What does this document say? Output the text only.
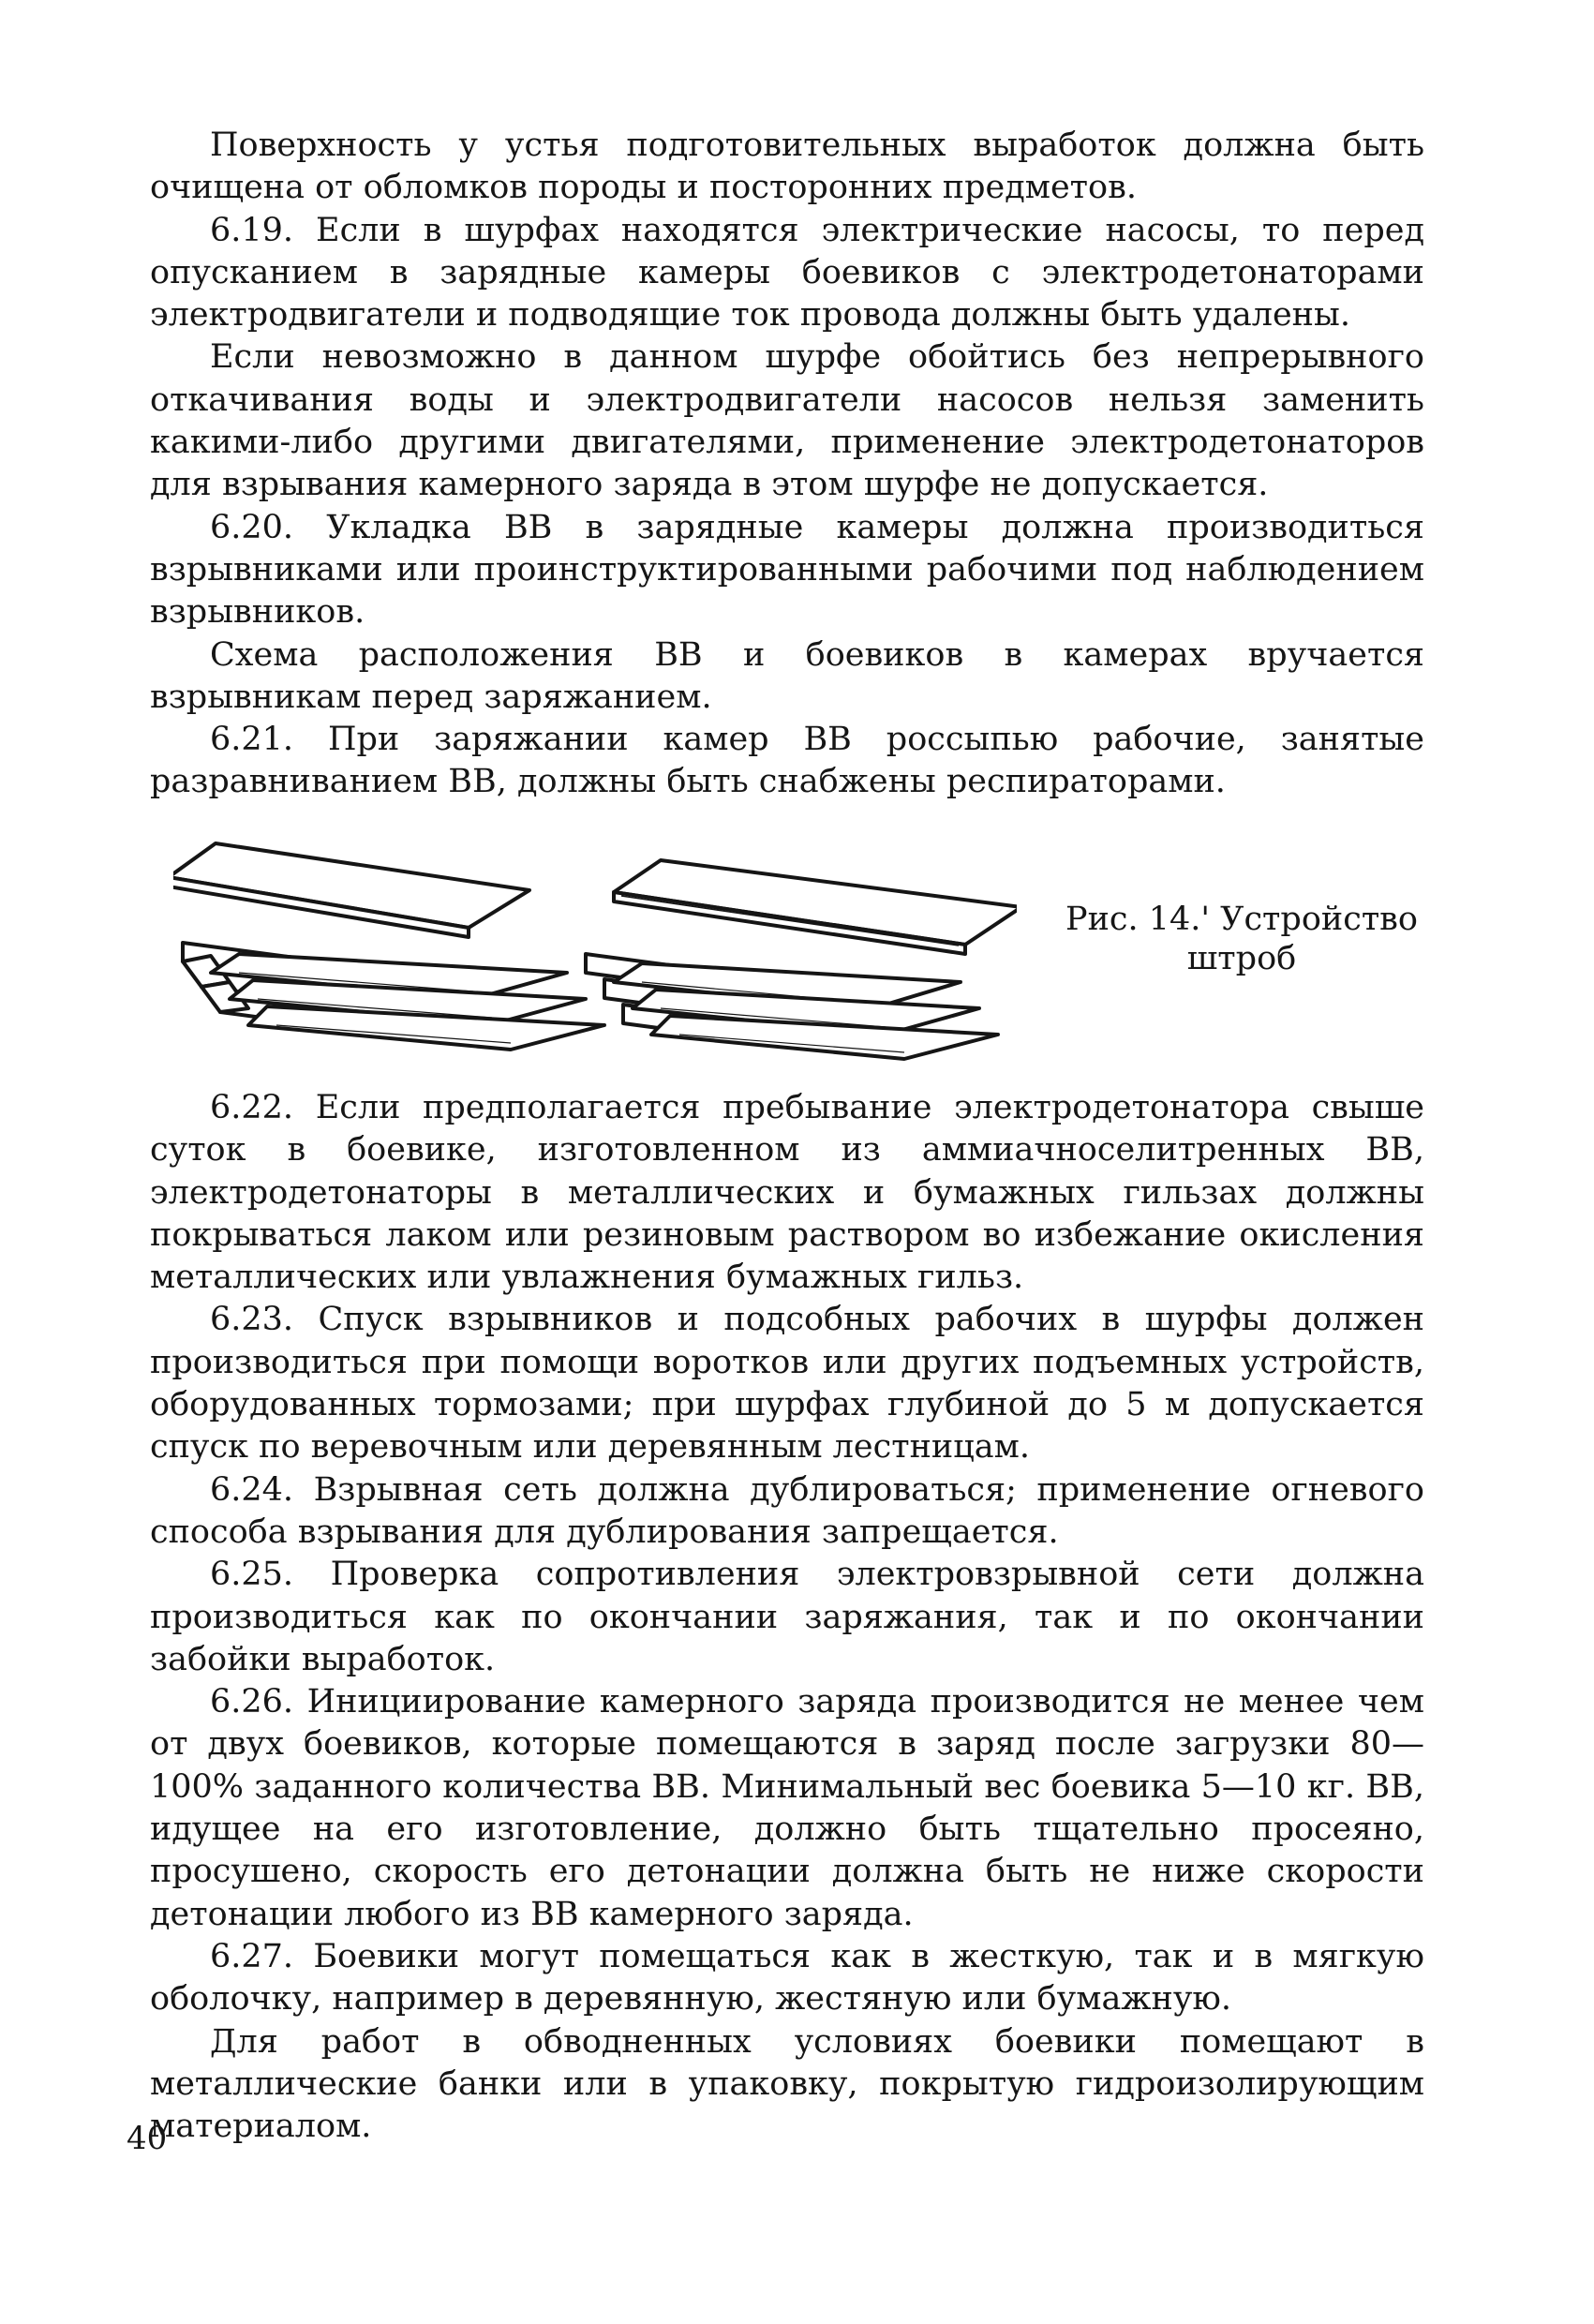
Поверхность у устья подготовительных выработок должна быть очищена от обломков породы и посторонних предметов.

6.19. Если в шурфах находятся электрические насосы, то перед опусканием в зарядные камеры боевиков с электродетонаторами электродвигатели и подводящие ток провода должны быть удалены.

Если невозможно в данном шурфе обойтись без непрерывного откачивания воды и электродвигатели насосов нельзя заменить какими-либо другими двигателями, применение электродетонаторов для взрывания камерного заряда в этом шурфе не допускается.

6.20. Укладка ВВ в зарядные камеры должна производиться взрывниками или проинструктированными рабочими под наблюдением взрывников.

Схема расположения ВВ и боевиков в камерах вручается взрывникам перед заряжанием.

6.21. При заряжании камер ВВ россыпью рабочие, занятые разравниванием ВВ, должны быть снабжены респираторами.

Рис. 14.' Устройство
штроб

6.22. Если предполагается пребывание электродетонатора свыше суток в боевике, изготовленном из аммиачноселитренных ВВ, электродетонаторы в металлических и бумажных гильзах должны покрываться лаком или резиновым раствором во избежание окисления металлических или увлажнения бумажных гильз.

6.23. Спуск взрывников и подсобных рабочих в шурфы должен производиться при помощи воротков или других подъемных устройств, оборудованных тормозами; при шурфах глубиной до 5 м допускается спуск по веревочным или деревянным лестницам.

6.24. Взрывная сеть должна дублироваться; применение огневого способа взрывания для дублирования запрещается.

6.25. Проверка сопротивления электровзрывной сети должна производиться как по окончании заряжания, так и по окончании забойки выработок.

6.26. Инициирование камерного заряда производится не менее чем от двух боевиков, которые помещаются в заряд после загрузки 80—100% заданного количества ВВ. Минимальный вес боевика 5—10 кг. ВВ, идущее на его изготовление, должно быть тщательно просеяно, просушено, скорость его детонации должна быть не ниже скорости детонации любого из ВВ камерного заряда.

6.27. Боевики могут помещаться как в жесткую, так и в мягкую оболочку, например в деревянную, жестяную или бумажную.

Для работ в обводненных условиях боевики помещают в металлические банки или в упаковку, покрытую гидроизолирующим материалом.

40
